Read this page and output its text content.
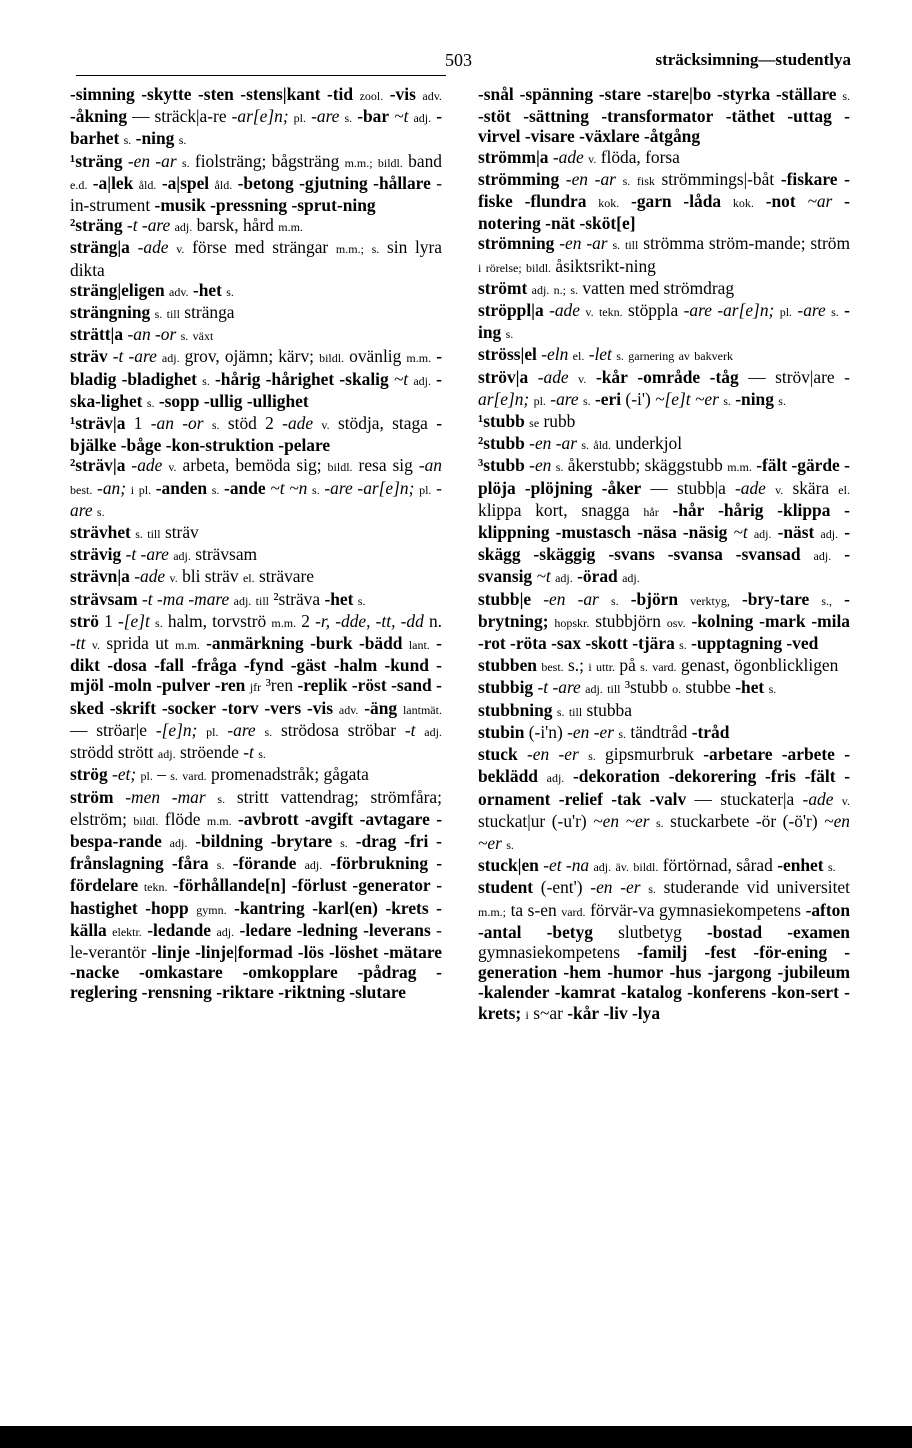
503	sträcksimning—studentlya

-simning -skytte -sten -stens|kant -tid zool. -vis adv. -åkning — sträck|a-re -ar[e]n; pl. -are s. -bar ~t adj. -barhet s. -ning s.

¹sträng -en -ar s. fiolsträng; bågsträng m.m.; bildl. band e.d. -a|lek åld. -a|spel åld. -betong -gjutning -hållare -in-strument -musik -pressning -sprut-ning

²sträng -t -are adj. barsk, hård m.m.

sträng|a -ade v. förse med strängar m.m.; s. sin lyra dikta

sträng|eligen adv. -het s.

strängning s. till stränga

strätt|a -an -or s. växt

sträv -t -are adj. grov, ojämn; kärv; bildl. ovänlig m.m. -bladig -bladighet s. -hårig -hårighet -skalig ~t adj. -ska-lighet s. -sopp -ullig -ullighet

¹sträv|a 1 -an -or s. stöd 2 -ade v. stödja, staga -bjälke -båge -kon-struktion -pelare

²sträv|a -ade v. arbeta, bemöda sig; bildl. resa sig -an best. -an; i pl. -anden s. -ande ~t ~n s. -are -ar[e]n; pl. -are s.

strävhet s. till sträv

strävig -t -are adj. strävsam

strävn|a -ade v. bli sträv el. strävare

strävsam -t -ma -mare adj. till ²sträva -het s.

strö 1 -[e]t s. halm, torvströ m.m. 2 -r, -dde, -tt, -dd n. -tt v. sprida ut m.m. -anmärkning -burk -bädd lant. -dikt -dosa -fall -fråga -fynd -gäst -halm -kund -mjöl -moln -pulver -ren jfr ³ren -replik -röst -sand -sked -skrift -socker -torv -vers -vis adv. -äng lantmät. — ströar|e -[e]n; pl. -are s. strödosa ströbar -t adj. strödd strött adj. ströende -t s.

strög -et; pl. – s. vard. promenadstråk; gågata

ström -men -mar s. stritt vattendrag; strömfåra; elström; bildl. flöde m.m. -avbrott -avgift -avtagare -bespa-rande adj. -bildning -brytare s. -drag -fri -frånslagning -fåra s. -förande adj. -förbrukning -fördelare tekn. -förhållande[n] -förlust -generator -hastighet -hopp gymn. -kantring -karl(en) -krets -källa elektr. -ledande adj. -ledare -ledning -leverans -le-verantör -linje -linje|formad -lös -löshet -mätare -nacke -omkastare -omkopplare -pådrag -reglering -rensning -riktare -riktning -slutare

-snål -spänning -stare -stare|bo -styrka -ställare s. -stöt -sättning -transformator -täthet -uttag -virvel -visare -växlare -åtgång

strömm|a -ade v. flöda, forsa

strömming -en -ar s. fisk strömmings|-båt -fiskare -fiske -flundra kok. -garn -låda kok. -not ~ar -notering -nät -sköt[e]

strömning -en -ar s. till strömma ström-mande; ström i rörelse; bildl. åsiktsrikt-ning

strömt adj. n.; s. vatten med strömdrag

ströppl|a -ade v. tekn. stöppla -are -ar[e]n; pl. -are s. -ing s.

ströss|el -eln el. -let s. garnering av bakverk

ströv|a -ade v. -kår -område -tåg — ströv|are -ar[e]n; pl. -are s. -eri (-i') ~[e]t ~er s. -ning s.

¹stubb se rubb

²stubb -en -ar s. åld. underkjol

³stubb -en s. åkerstubb; skäggstubb m.m. -fält -gärde -plöja -plöjning -åker — stubb|a -ade v. skära el. klippa kort, snagga hår -hår -hårig -klippa -klippning -mustasch -näsa -näsig ~t adj. -näst adj. -skägg -skäggig -svans -svansa -svansad adj. -svansig ~t adj. -örad adj.

stubb|e -en -ar s. -björn verktyg, -bry-tare s., -brytning; hopskr. stubbjörn osv. -kolning -mark -mila -rot -röta -sax -skott -tjära s. -upptagning -ved

stubben best. s.; i uttr. på s. vard. genast, ögonblickligen

stubbig -t -are adj. till ³stubb o. stubbe -het s.

stubbning s. till stubba

stubin (-i'n) -en -er s. tändtråd -tråd

stuck -en -er s. gipsmurbruk -arbetare -arbete -beklädd adj. -dekoration -dekorering -fris -fält -ornament -relief -tak -valv — stuckater|a -ade v. stuckat|ur (-u'r) ~en ~er s. stuckarbete -ör (-ö'r) ~en ~er s.

stuck|en -et -na adj. äv. bildl. förtörnad, sårad -enhet s.

student (-ent') -en -er s. studerande vid universitet m.m.; ta s-en vard. förvär-va gymnasiekompetens -afton -antal -betyg slutbetyg -bostad -examen gymnasiekompetens -familj -fest -för-ening -generation -hem -humor -hus -jargong -jubileum -kalender -kamrat -katalog -konferens -kon-sert -krets; i s~ar -kår -liv -lya
